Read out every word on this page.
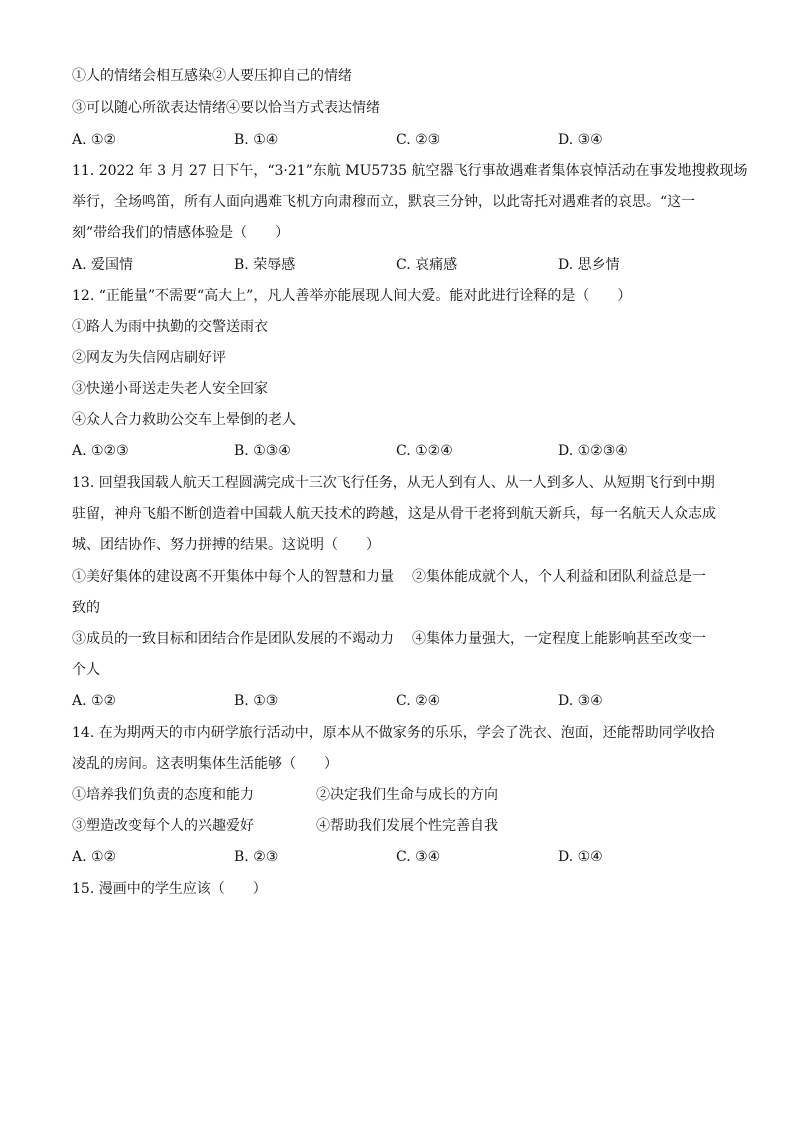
①人的情绪会相互感染②人要压抑自己的情绪
③可以随心所欲表达情绪④要以恰当方式表达情绪
A. ①②	B. ①④	C. ②③	D. ③④
11. 2022 年 3 月 27 日下午，“3·21”东航 MU5735 航空器飞行事故遇难者集体哀悼活动在事发地搜救现场
举行，全场鸣笛，所有人面向遇难飞机方向肃穆而立，默哀三分钟，以此寄托对遇难者的哀思。“这一
刻”带给我们的情感体验是（　　）
A. 爱国情	B. 荣辱感	C. 哀痛感	D. 思乡情
12. “正能量”不需要“高大上”，凡人善举亦能展现人间大爱。能对此进行诠释的是（　　）
①路人为雨中执勤的交警送雨衣
②网友为失信网店刷好评
③快递小哥送走失老人安全回家
④众人合力救助公交车上晕倒的老人
A. ①②③	B. ①③④	C. ①②④	D. ①②③④
13. 回望我国载人航天工程圆满完成十三次飞行任务，从无人到有人、从一人到多人、从短期飞行到中期
驻留，神舟飞船不断创造着中国载人航天技术的跨越，这是从骨干老将到航天新兵，每一名航天人众志成
城、团结协作、努力拼搏的结果。这说明（　　）
①美好集体的建设离不开集体中每个人的智慧和力量 ②集体能成就个人，个人利益和团队利益总是一
致的
③成员的一致目标和团结合作是团队发展的不竭动力 ④集体力量强大，一定程度上能影响甚至改变一
个人
A. ①②	B. ①③	C. ②④	D. ③④
14. 在为期两天的市内研学旅行活动中，原本从不做家务的乐乐，学会了洗衣、泡面，还能帮助同学收拾
凌乱的房间。这表明集体生活能够（　　）
①培养我们负责的态度和能力	②决定我们生命与成长的方向
③塑造改变每个人的兴趣爱好	④帮助我们发展个性完善自我
A. ①②	B. ②③	C. ③④	D. ①④
15. 漫画中的学生应该（　　）
